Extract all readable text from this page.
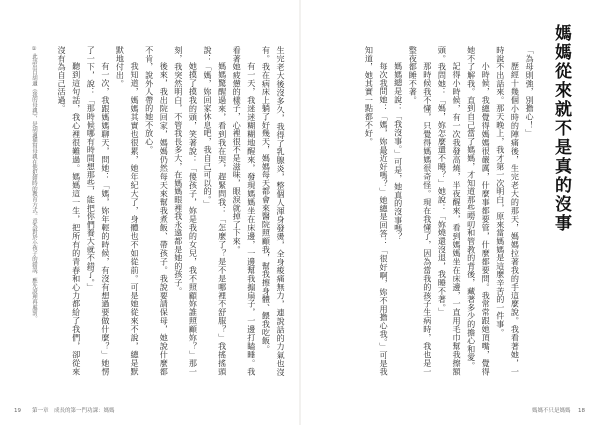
① 此語出自胡適《我的母親》，是胡適描寫母親在他犯錯時的教育方式。意為對於小孩子的錯誤，應先說理再處罰。	生完老大後沒多久，我得了乳腺炎，整個人渾身發燙，全身痠痛無力，連說話的力氣也沒有。我在病床上躺了好幾天，媽媽每天都會來醫院照顧我，幫我擦身體、餵我吃飯。

有一天，我迷迷糊糊地醒來，發現媽媽坐在床邊，一邊幫我搧扇子，一邊打瞌睡。我看著她疲憊的樣子，心裡很不是滋味，眼淚就掉了下來。

媽媽驚醒過來，看到我在哭，趕緊問我：「怎麼了？是不是哪裡不舒服？」我搖搖頭說：「媽，妳回家休息吧，我自己可以的。」

她摸了摸我的頭，笑著說：「傻孩子，妳是我的女兒，我不照顧妳誰照顧妳？」那一刻，我突然明白，不管我長多大，在媽媽眼裡我永遠都是她的孩子。

後來，我出院回家，媽媽仍然每天來幫我煮飯、帶孩子。我說要請保母，她說什麼都不肯，說外人帶的她不放心。

我知道，媽媽其實也很累，她年紀大了，身體也不如從前。可是她從來不說，總是默默地付出。

有一次，我跟媽媽聊天，問她：「媽，妳年輕的時候，有沒有想過要做什麼？」她愣了一下，說：「那時候哪有時間想那些，能把你們養大就不錯了。」

聽到這句話，我心裡很難過。媽媽這一生，把所有的青春和心力都給了我們，卻從來沒有為自己活過。

19 第一章　成長的第一門功課：媽媽
媽媽從來就不是真的沒事

「為母則強，別擔心！」

歷經十幾個小時的陣痛後，生完老大的那天，媽媽拉著我的手這麼說。我看著她，一時說不出話來。那天晚上，我才第一次明白，原來當媽媽是這麼辛苦的一件事。

小時候，我總覺得媽媽很嚴厲，什麼事都要管，什麼都要問。我常常跟她頂嘴，覺得她不了解我。直到自己當了媽媽，才知道那些嘮叨和管教的背後，藏著多少的擔心和愛。

記得小時候，有一次我發高燒，半夜醒來，看到媽媽坐在床邊，一直用毛巾幫我擦額頭。我問她：「媽，妳怎麼還不睡？」她說：「妳燒還沒退，我睡不著。」

那時候我不懂，只覺得媽媽很奇怪。現在我懂了，因為當我的孩子生病時，我也是一整夜都睡不著。

媽媽總是說：「我沒事。」可是，她真的沒事嗎？

每次我問她：「媽，妳最近好嗎？」她總是回答：「很好啊，妳不用擔心我。」可是我知道，她其實一點都不好。

媽媽不只是媽媽 18
